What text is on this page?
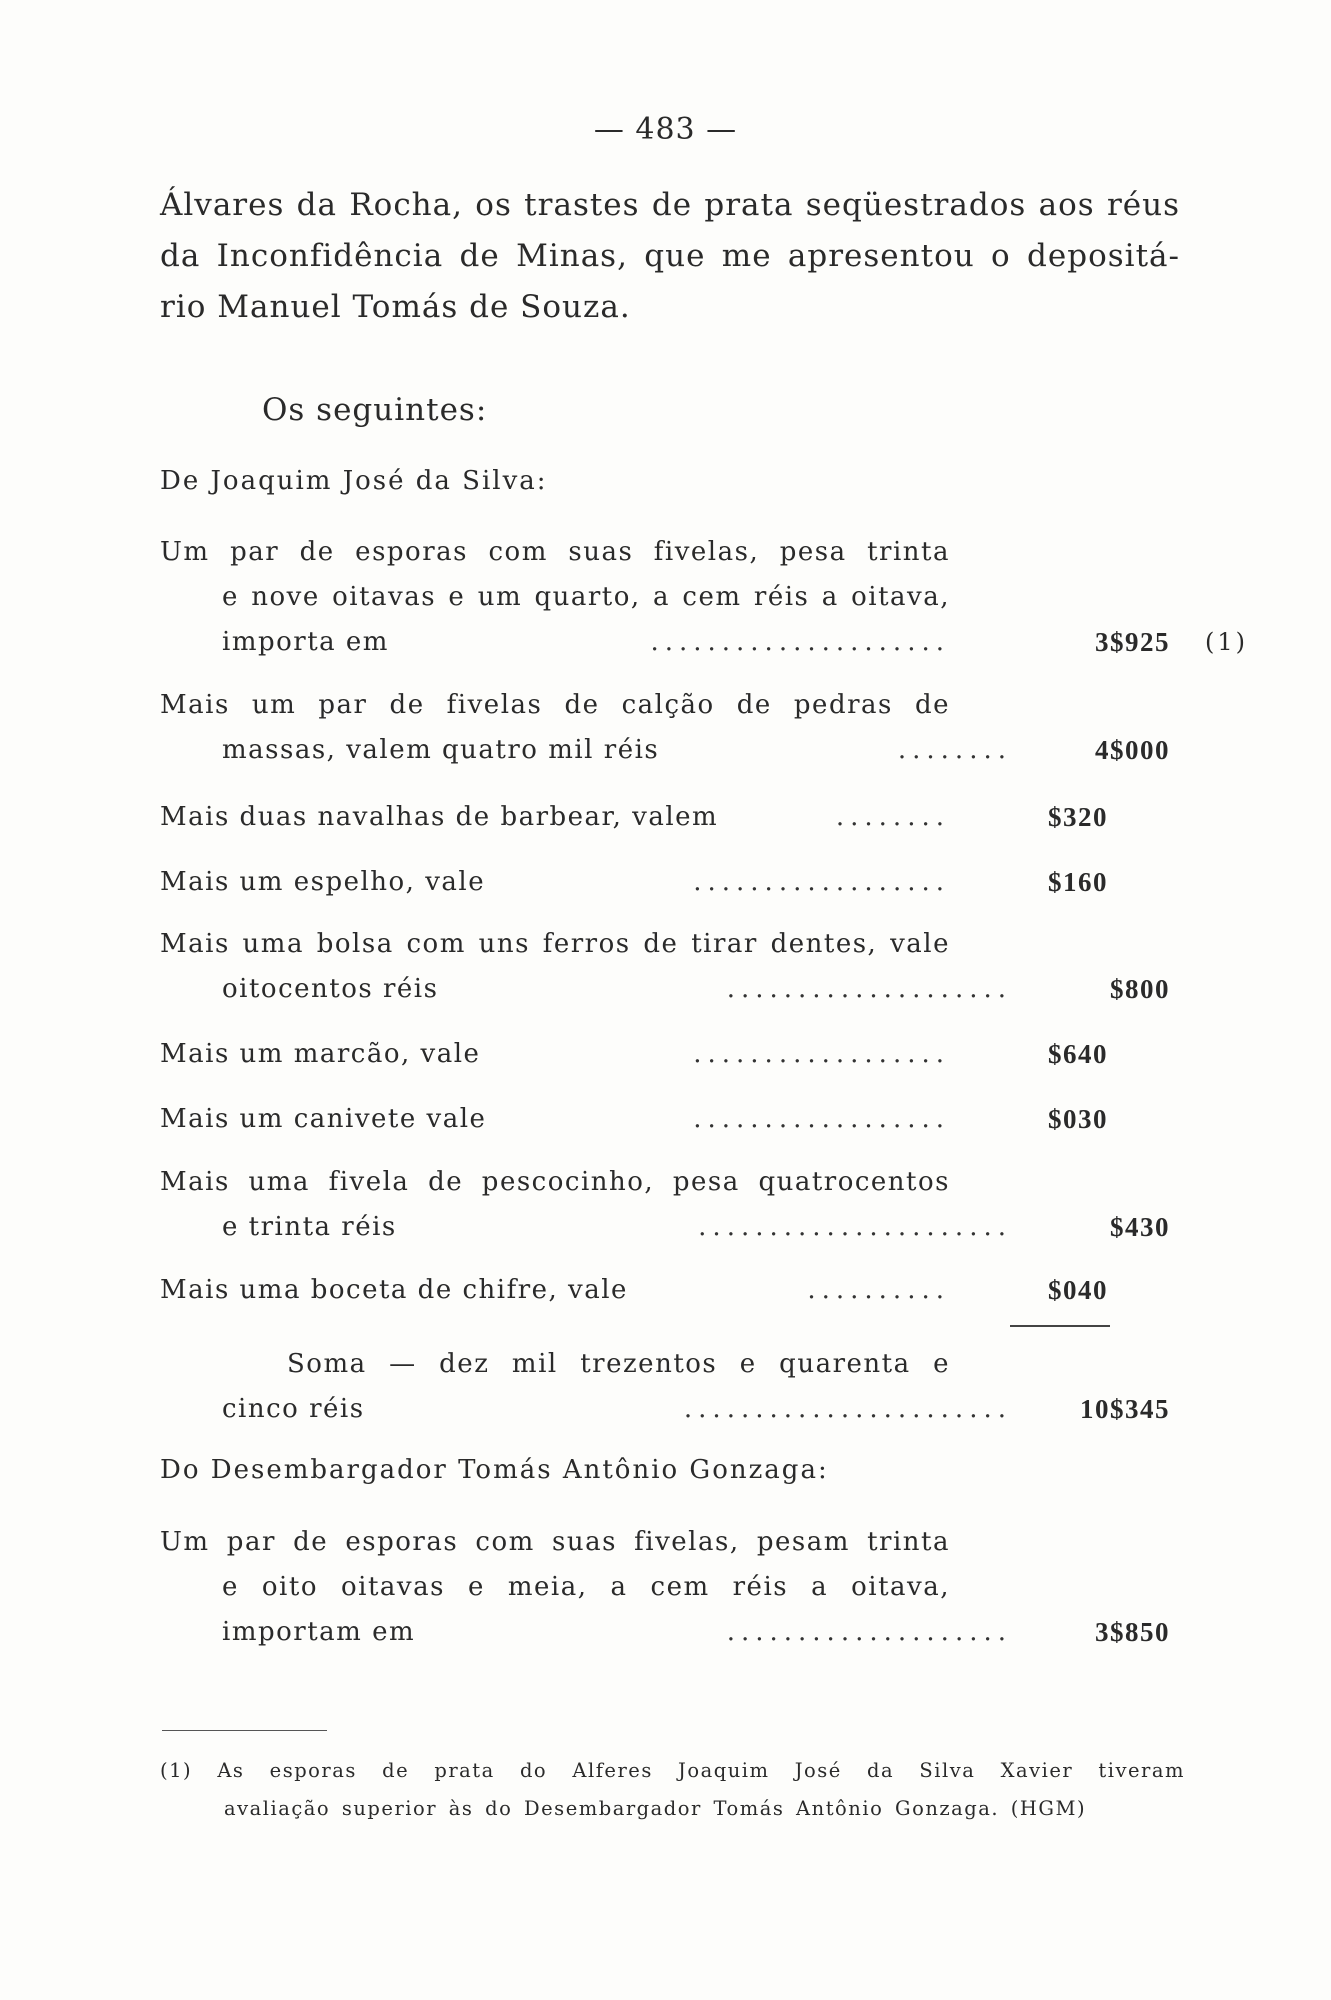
— 483 —
Álvares da Rocha, os trastes de prata seqüestrados aos réus
da Inconfidência de Minas, que me apresentou o depositá-
rio Manuel Tomás de Souza.
Os seguintes:
De Joaquim José da Silva:
Um par de esporas com suas fivelas, pesa trinta
e nove oitavas e um quarto, a cem réis a oitava,
importa em	.....................	3$925 (1)
Mais um par de fivelas de calção de pedras de
massas, valem quatro mil réis	........	4$000
Mais duas navalhas de barbear, valem	........	$320
Mais um espelho, vale	..................	$160
Mais uma bolsa com uns ferros de tirar dentes, vale
oitocentos réis	....................	$800
Mais um marcão, vale	..................	$640
Mais um canivete vale	..................	$030
Mais uma fivela de pescocinho, pesa quatrocentos
e trinta réis	......................	$430
Mais uma boceta de chifre, vale	..........	$040
Soma — dez mil trezentos e quarenta e
cinco réis	.......................	10$345
Do Desembargador Tomás Antônio Gonzaga:
Um par de esporas com suas fivelas, pesam trinta
e oito oitavas e meia, a cem réis a oitava,
importam em	....................	3$850
(1) As esporas de prata do Alferes Joaquim José da Silva Xavier tiveram
avaliação superior às do Desembargador Tomás Antônio Gonzaga. (HGM)
